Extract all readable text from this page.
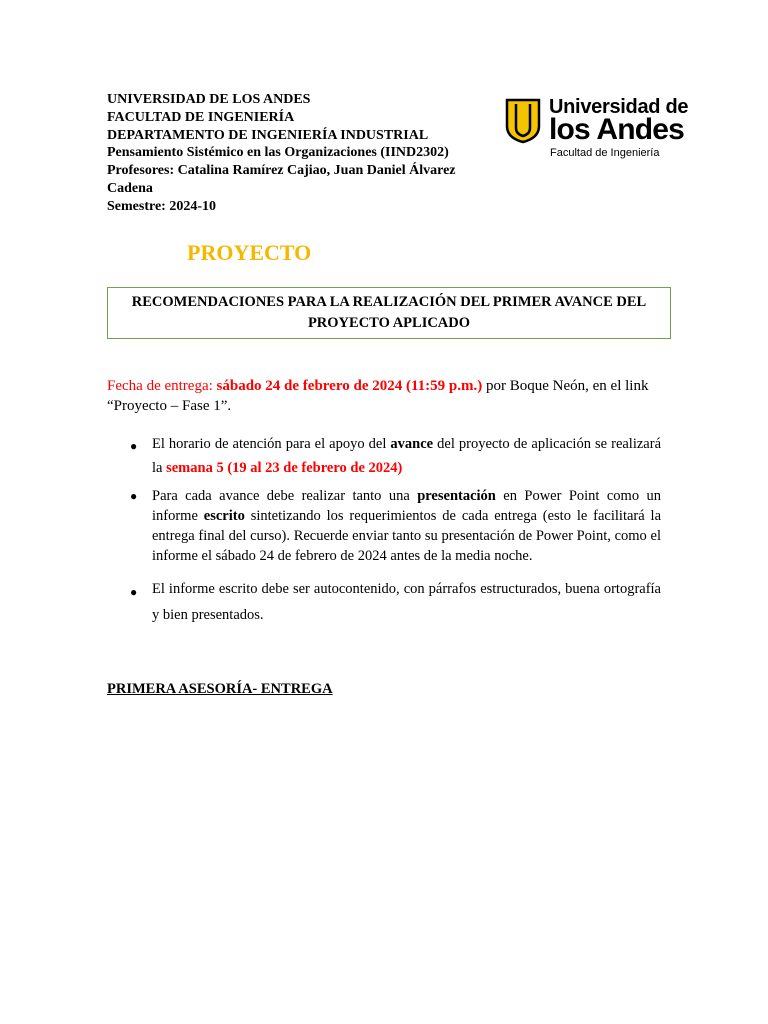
UNIVERSIDAD DE LOS ANDES
FACULTAD DE INGENIERÍA
DEPARTAMENTO DE INGENIERÍA INDUSTRIAL
Pensamiento Sistémico en las Organizaciones (IIND2302)
Profesores: Catalina Ramírez Cajiao, Juan Daniel Álvarez Cadena
Semestre: 2024-10
Universidad de
los Andes
Facultad de Ingeniería
PROYECTO
RECOMENDACIONES PARA LA REALIZACIÓN DEL PRIMER AVANCE DEL PROYECTO APLICADO
Fecha de entrega: sábado 24 de febrero de 2024 (11:59 p.m.) por Boque Neón, en el link “Proyecto – Fase 1”.
● El horario de atención para el apoyo del avance del proyecto de aplicación se realizará la semana 5 (19 al 23 de febrero de 2024)
● Para cada avance debe realizar tanto una presentación en Power Point como un informe escrito sintetizando los requerimientos de cada entrega (esto le facilitará la entrega final del curso). Recuerde enviar tanto su presentación de Power Point, como el informe el sábado 24 de febrero de 2024 antes de la media noche.
● El informe escrito debe ser autocontenido, con párrafos estructurados, buena ortografía y bien presentados.
PRIMERA ASESORÍA- ENTREGA
